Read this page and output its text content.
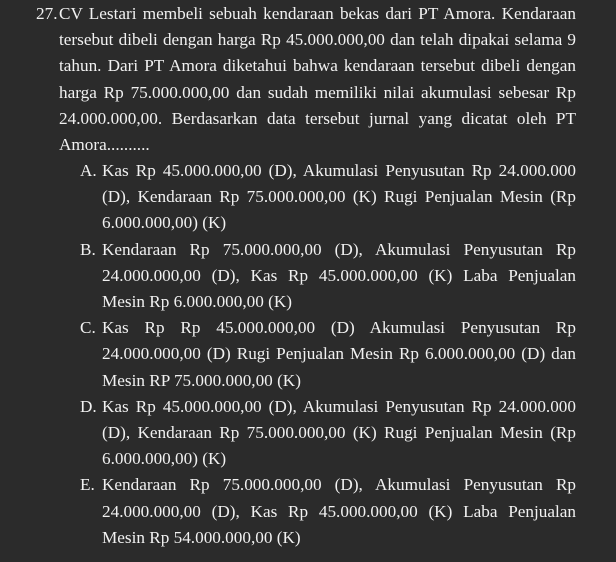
27. CV Lestari membeli sebuah kendaraan bekas dari PT Amora. Kendaraan tersebut dibeli dengan harga Rp 45.000.000,00 dan telah dipakai selama 9 tahun. Dari PT Amora diketahui bahwa kendaraan tersebut dibeli dengan harga Rp 75.000.000,00 dan sudah memiliki nilai akumulasi sebesar Rp 24.000.000,00. Berdasarkan data tersebut jurnal yang dicatat oleh PT Amora..........
A. Kas Rp 45.000.000,00 (D), Akumulasi Penyusutan Rp 24.000.000 (D), Kendaraan Rp 75.000.000,00 (K) Rugi Penjualan Mesin (Rp 6.000.000,00) (K)
B. Kendaraan Rp 75.000.000,00 (D), Akumulasi Penyusutan Rp 24.000.000,00 (D), Kas Rp 45.000.000,00 (K) Laba Penjualan Mesin Rp 6.000.000,00 (K)
C. Kas Rp Rp 45.000.000,00 (D) Akumulasi Penyusutan Rp 24.000.000,00 (D) Rugi Penjualan Mesin Rp 6.000.000,00 (D) dan Mesin RP 75.000.000,00 (K)
D. Kas Rp 45.000.000,00 (D), Akumulasi Penyusutan Rp 24.000.000 (D), Kendaraan Rp 75.000.000,00 (K) Rugi Penjualan Mesin (Rp 6.000.000,00) (K)
E. Kendaraan Rp 75.000.000,00 (D), Akumulasi Penyusutan Rp 24.000.000,00 (D), Kas Rp 45.000.000,00 (K) Laba Penjualan Mesin Rp 54.000.000,00 (K)
